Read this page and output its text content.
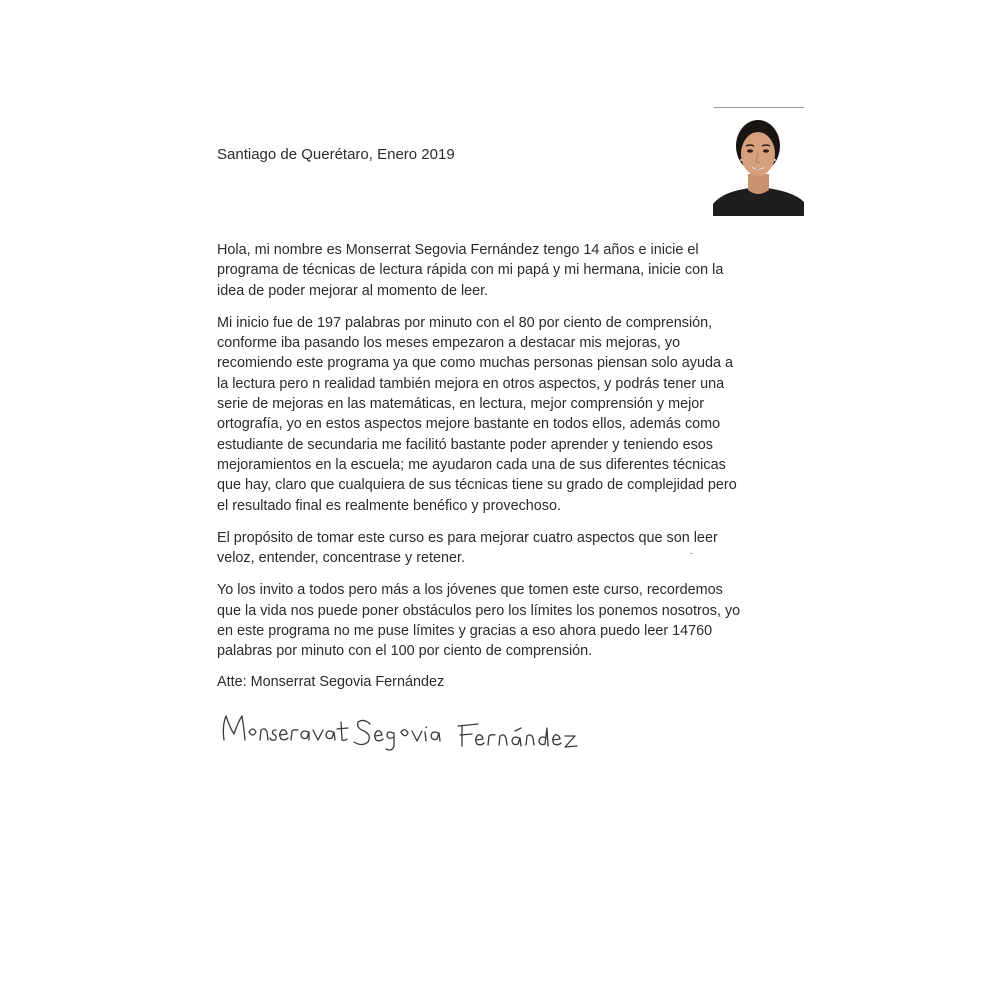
Santiago de Querétaro, Enero 2019

Hola, mi nombre es Monserrat Segovia Fernández tengo 14 años e inicie el
programa de técnicas de lectura rápida con mi papá y mi hermana, inicie con la
idea de poder mejorar al momento de leer.

Mi inicio fue de 197 palabras por minuto con el 80 por ciento de comprensión,
conforme iba pasando los meses empezaron a destacar mis mejoras, yo
recomiendo este programa ya que como muchas personas piensan solo ayuda a
la lectura pero n realidad también mejora en otros aspectos, y podrás tener una
serie de mejoras en las matemáticas, en lectura, mejor comprensión y mejor
ortografía, yo en estos aspectos mejore bastante en todos ellos, además como
estudiante de secundaria me facilitó bastante poder aprender y teniendo esos
mejoramientos en la escuela; me ayudaron cada una de sus diferentes técnicas
que hay, claro que cualquiera de sus técnicas tiene su grado de complejidad pero
el resultado final es realmente benéfico y provechoso.

El propósito de tomar este curso es para mejorar cuatro aspectos que son leer
veloz, entender, concentrase y retener.

Yo los invito a todos pero más a los jóvenes que tomen este curso, recordemos
que la vida nos puede poner obstáculos pero los límites los ponemos nosotros, yo
en este programa no me puse límites y gracias a eso ahora puedo leer 14760
palabras por minuto con el 100 por ciento de comprensión.

Atte: Monserrat Segovia Fernández
